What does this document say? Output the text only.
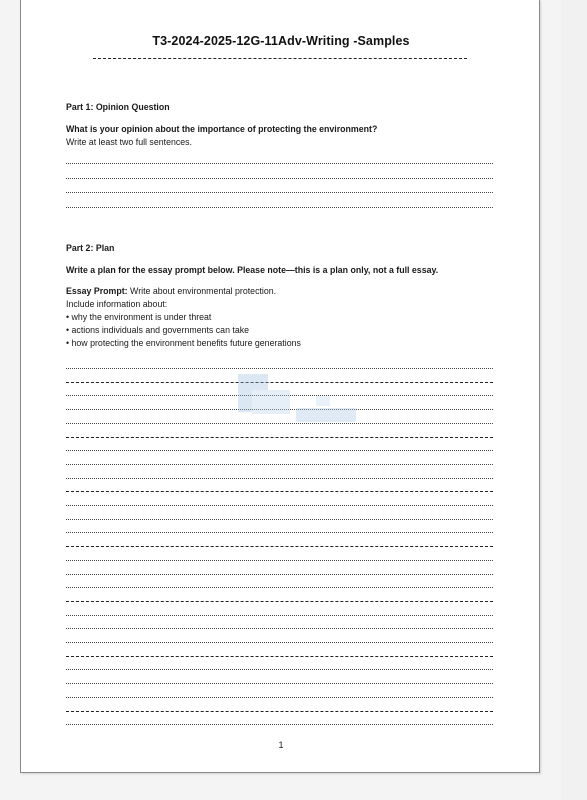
T3-2024-2025-12G-11Adv-Writing -Samples
Part 1: Opinion Question
What is your opinion about the importance of protecting the environment?
Write at least two full sentences.
Part 2: Plan
Write a plan for the essay prompt below. Please note—this is a plan only, not a full essay.
Essay Prompt: Write about environmental protection.
Include information about:
• why the environment is under threat
• actions individuals and governments can take
• how protecting the environment benefits future generations
1
